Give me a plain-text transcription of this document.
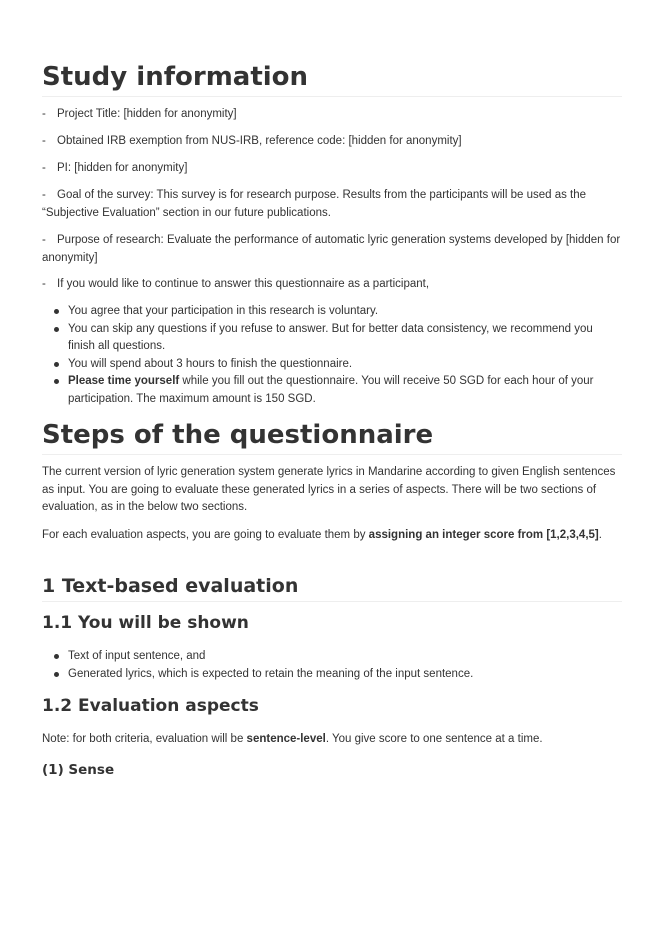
Study information
- Project Title: [hidden for anonymity]
- Obtained IRB exemption from NUS-IRB, reference code: [hidden for anonymity]
- PI: [hidden for anonymity]
- Goal of the survey: This survey is for research purpose. Results from the participants will be used as the “Subjective Evaluation” section in our future publications.
- Purpose of research: Evaluate the performance of automatic lyric generation systems developed by [hidden for anonymity]
- If you would like to continue to answer this questionnaire as a participant,
You agree that your participation in this research is voluntary.
You can skip any questions if you refuse to answer. But for better data consistency, we recommend you finish all questions.
You will spend about 3 hours to finish the questionnaire.
Please time yourself while you fill out the questionnaire. You will receive 50 SGD for each hour of your participation. The maximum amount is 150 SGD.
Steps of the questionnaire

The current version of lyric generation system generate lyrics in Mandarine according to given English sentences as input. You are going to evaluate these generated lyrics in a series of aspects. There will be two sections of evaluation, as in the below two sections.

For each evaluation aspects, you are going to evaluate them by assigning an integer score from [1,2,3,4,5].

1 Text-based evaluation
1.1 You will be shown
Text of input sentence, and
Generated lyrics, which is expected to retain the meaning of the input sentence.
1.2 Evaluation aspects

Note: for both criteria, evaluation will be sentence-level. You give score to one sentence at a time.

(1) Sense
